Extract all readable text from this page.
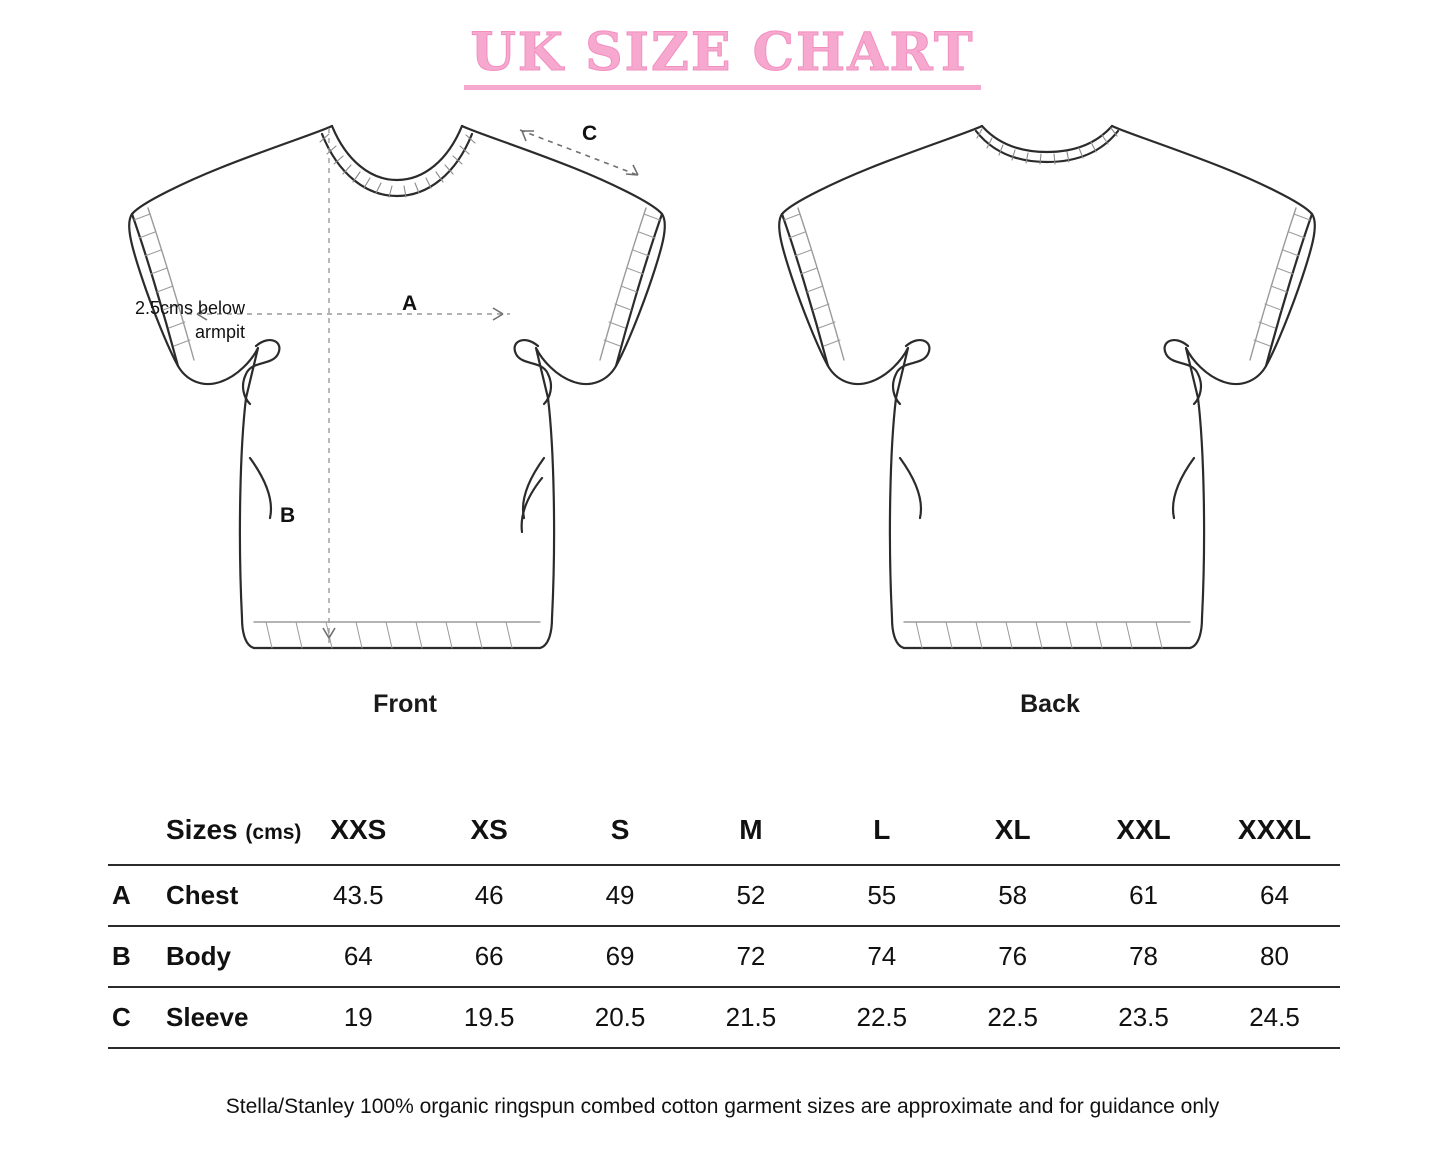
UK SIZE CHART
A
B
C
2.5cms below
armpit
Front	Back
	Sizes (cms)	XXS	XS	S	M	L	XL	XXL	XXXL
A	Chest	43.5	46	49	52	55	58	61	64
B	Body	64	66	69	72	74	76	78	80
C	Sleeve	19	19.5	20.5	21.5	22.5	22.5	23.5	24.5
Stella/Stanley 100% organic ringspun combed cotton garment sizes are approximate and for guidance only
